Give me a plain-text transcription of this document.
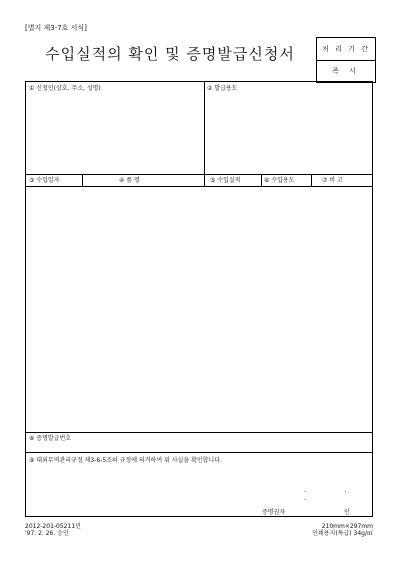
[별지 제3-7호 서식]
수입실적의 확인 및 증명발급신청서	처 리 기 간
즉 시
① 신청인(상호, 주소, 성명)	② 발급용도
③ 수입일자	④ 품 명	⑤ 수입실적	⑥ 수입용도	⑦ 비 고
⑧ 증명발급번호
⑨ 대외무역관리규정 제3-6-5조의 규정에 의거하여 위 사실을 확인합니다.
. . .
증명권자	인
2012-201-05211민
'97. 2. 26. 승인
210mm×297mm
인쇄용지(특급) 34g/㎡
